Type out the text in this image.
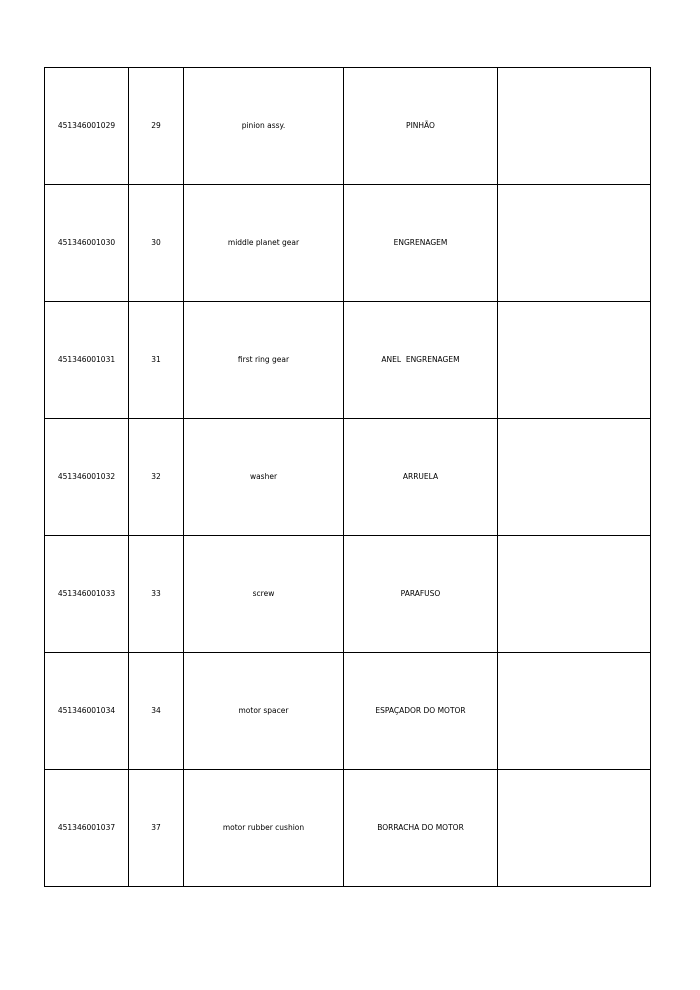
451346001029	29	pinion assy.	PINHÃO	
451346001030	30	middle planet gear	ENGRENAGEM	
451346001031	31	first ring gear	ANEL  ENGRENAGEM	
451346001032	32	washer	ARRUELA	
451346001033	33	screw	PARAFUSO	
451346001034	34	motor spacer	ESPAÇADOR DO MOTOR	
451346001037	37	motor rubber cushion	BORRACHA DO MOTOR	
